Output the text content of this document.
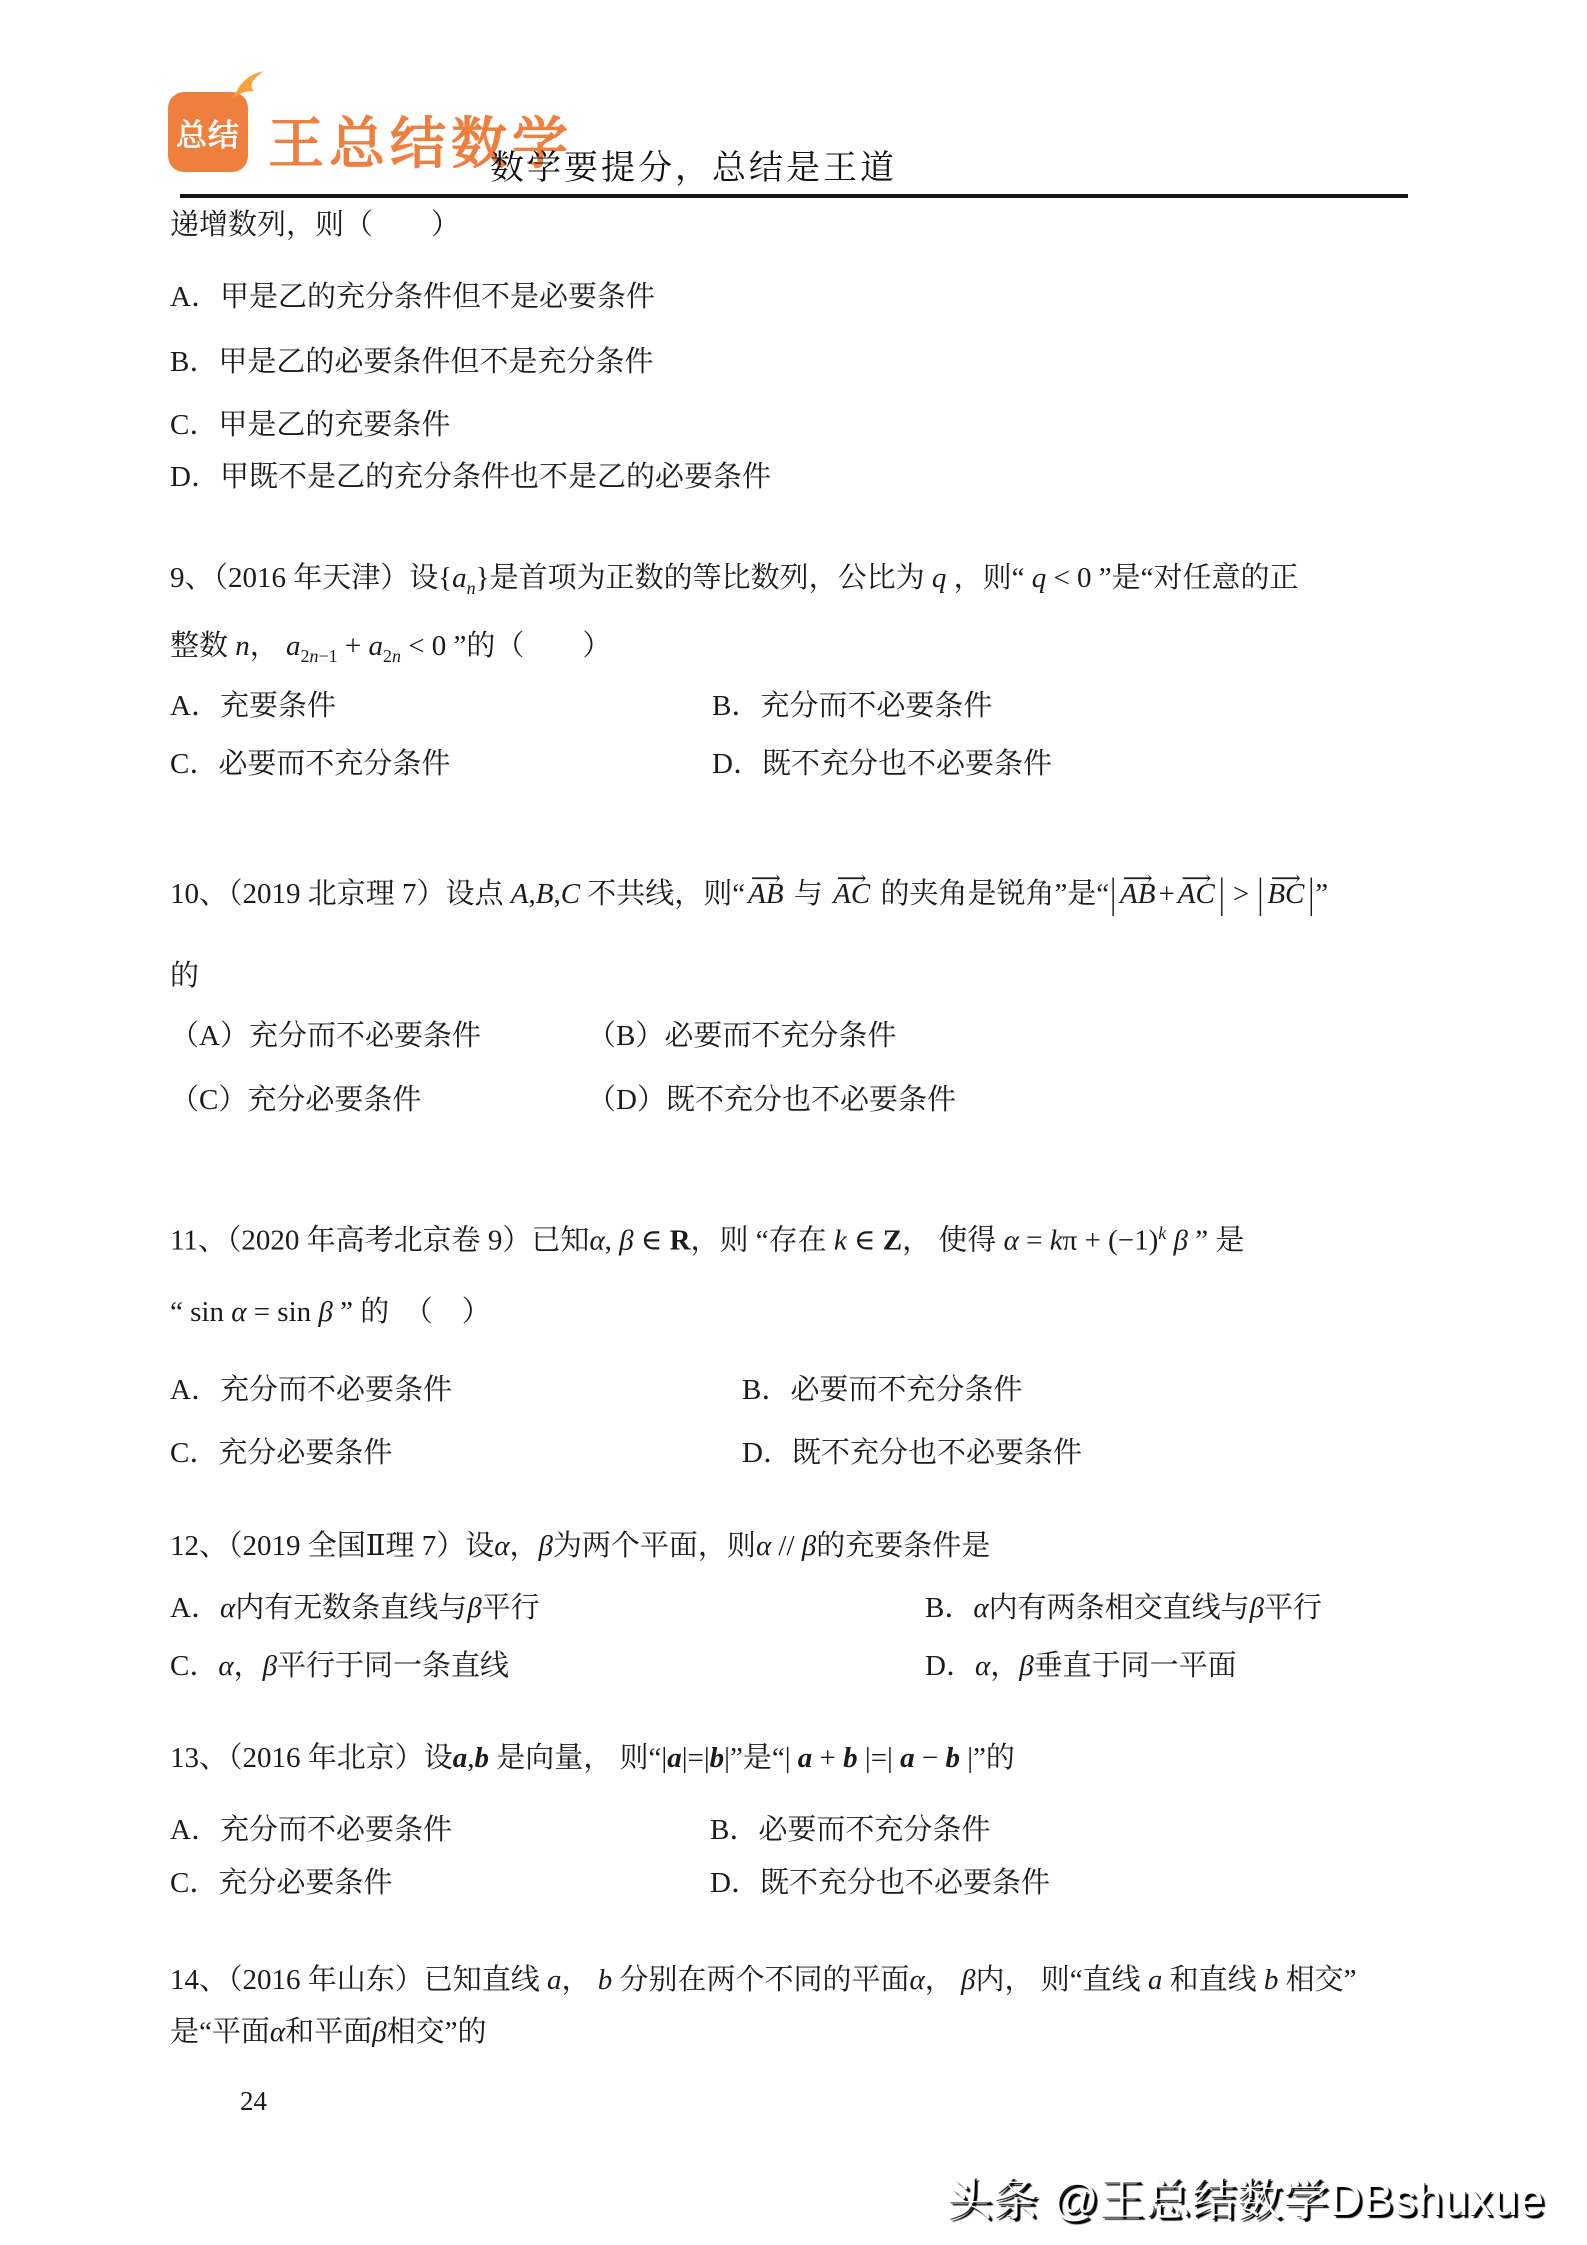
总结 王总结数学
数学要提分，总结是王道
递增数列，则（　　）
A．甲是乙的充分条件但不是必要条件
B．甲是乙的必要条件但不是充分条件
C．甲是乙的充要条件
D．甲既不是乙的充分条件也不是乙的必要条件
9、（2016 年天津）设$\{a_n\}$是首项为正数的等比数列，公比为 q ，则“ q < 0 ”是“对任意的正
整数 n， $a_{2n-1} + a_{2n} < 0$ ”的（　　）
A．充要条件	B．充分而不必要条件
C．必要而不充分条件	D．既不充分也不必要条件
10、（2019 北京理 7）设点 A,B,C 不共线，则“ ⟶ AB 与 ⟶ AC 的夹角是锐角”是“| ⟶ AB + ⟶ AC | > | ⟶ BC |”
的
（A）充分而不必要条件	（B）必要而不充分条件
（C）充分必要条件	（D）既不充分也不必要条件
11、（2020 年高考北京卷 9）已知α, β ∈ R，则 “存在 k ∈ Z， 使得 $\alpha = k\pi + (-1)^k$ β ” 是
“ sin α = sin β ” 的　（　）
A．充分而不必要条件	B．必要而不充分条件
C．充分必要条件	D．既不充分也不必要条件
12、（2019 全国Ⅱ理 7）设α，β为两个平面，则α // β的充要条件是
A．α内有无数条直线与β平行	B．α内有两条相交直线与β平行
C．α，β平行于同一条直线	D．α，β垂直于同一平面
13、（2016 年北京）设a,b 是向量， 则“|a|=|b|”是“| a + b |=| a − b |”的
A．充分而不必要条件	B．必要而不充分条件
C．充分必要条件	D．既不充分也不必要条件
14、（2016 年山东）已知直线 a， b 分别在两个不同的平面α， β内， 则“直线 a 和直线 b 相交”
是“平面α和平面β相交”的
24
头条 @王总结数学DBshuxue
